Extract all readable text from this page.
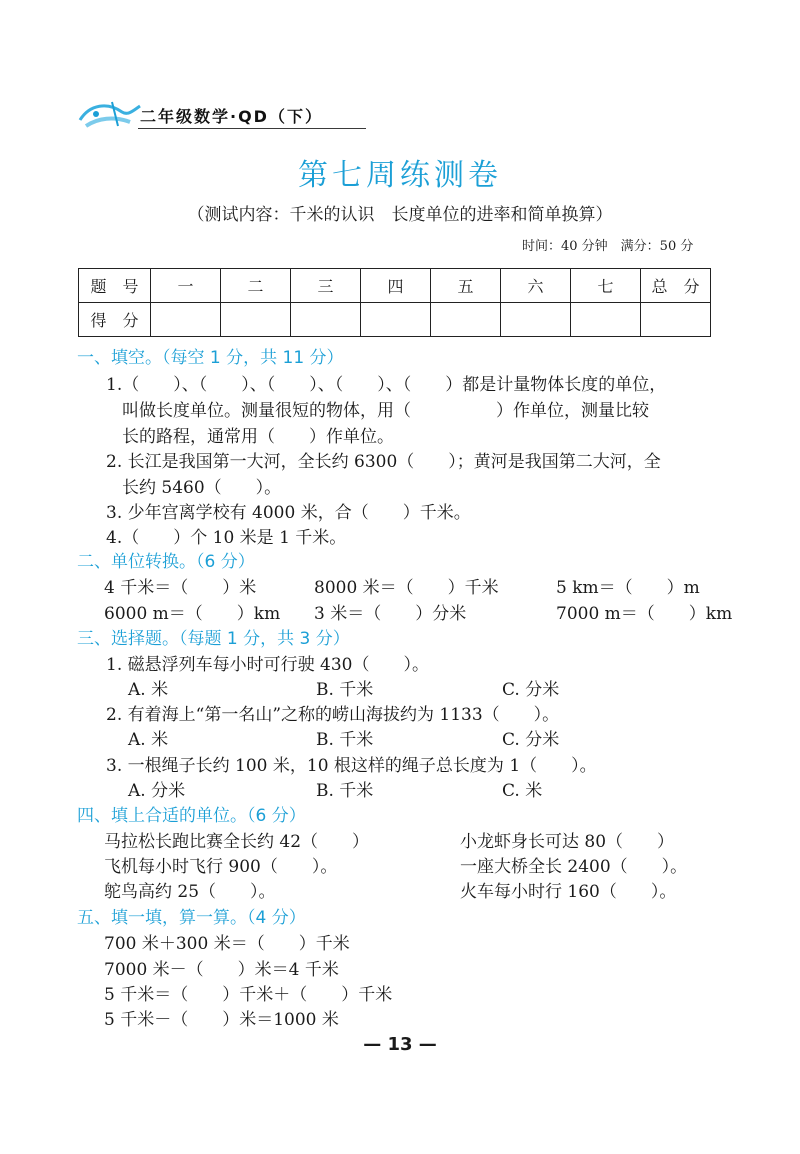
二年级数学·QD（下）
第七周练测卷
（测试内容：千米的认识　长度单位的进率和简单换算）
时间：40 分钟　满分：50 分
题　号	一	二	三	四	五	六	七	总　分
得　分								
一、填空。（每空 1 分，共 11 分）
1.（　　）、（　　）、（　　）、（　　）、（　　）都是计量物体长度的单位，
叫做长度单位。测量很短的物体，用（　　　　　）作单位，测量比较
长的路程，通常用（　　）作单位。
2. 长江是我国第一大河，全长约 6300（　　）；黄河是我国第二大河，全
长约 5460（　　）。
3. 少年宫离学校有 4000 米，合（　　）千米。
4.（　　）个 10 米是 1 千米。
二、单位转换。（6 分）
4 千米＝（　　）米	8000 米＝（　　）千米	5 km＝（　　）m
6000 m＝（　　）km 3 米＝（　　）分米	7000 m＝（　　）km
三、选择题。（每题 1 分，共 3 分）
1. 磁悬浮列车每小时可行驶 430（　　）。
A. 米	B. 千米	C. 分米
2. 有着海上“第一名山”之称的崂山海拔约为 1133（　　）。
A. 米	B. 千米	C. 分米
3. 一根绳子长约 100 米，10 根这样的绳子总长度为 1（　　）。
A. 分米	B. 千米	C. 米
四、填上合适的单位。（6 分）
马拉松长跑比赛全长约 42（　　）	小龙虾身长可达 80（　　）
飞机每小时飞行 900（　　）。	一座大桥全长 2400（　　）。
鸵鸟高约 25（　　）。	火车每小时行 160（　　）。
五、填一填，算一算。（4 分）
700 米＋300 米＝（　　）千米
7000 米－（　　）米＝4 千米
5 千米＝（　　）千米＋（　　）千米
5 千米－（　　）米＝1000 米
— 13 —
